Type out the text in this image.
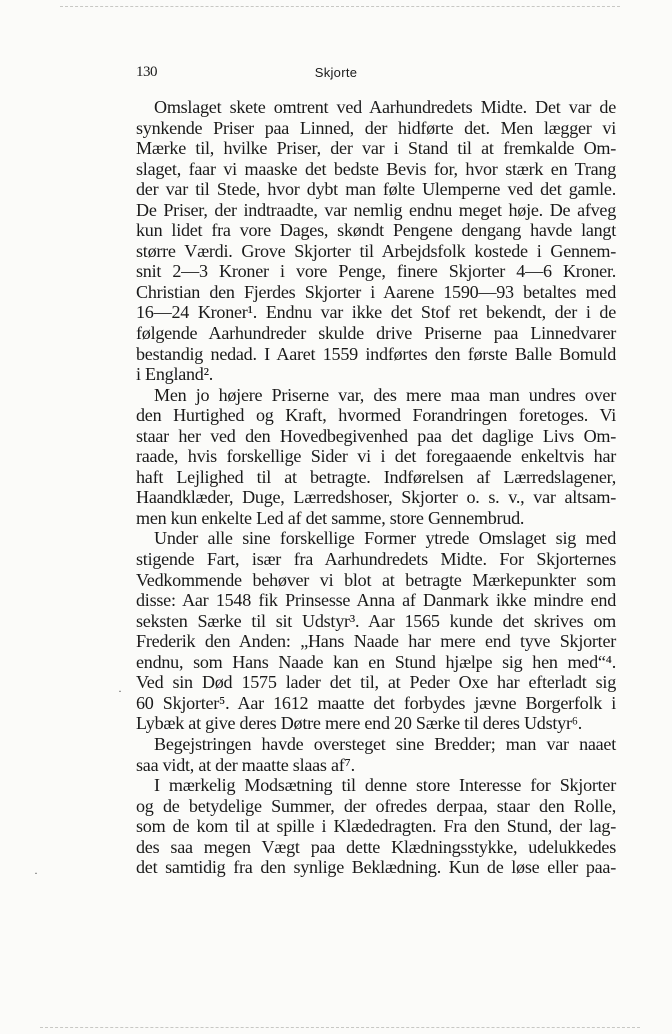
130	Skjorte
Omslaget skete omtrent ved Aarhundredets Midte. Det var de
synkende Priser paa Linned, der hidførte det. Men lægger vi
Mærke til, hvilke Priser, der var i Stand til at fremkalde Om-
slaget, faar vi maaske det bedste Bevis for, hvor stærk en Trang
der var til Stede, hvor dybt man følte Ulemperne ved det gamle.
De Priser, der indtraadte, var nemlig endnu meget høje. De afveg
kun lidet fra vore Dages, skøndt Pengene dengang havde langt
større Værdi. Grove Skjorter til Arbejdsfolk kostede i Gennem-
snit 2—3 Kroner i vore Penge, finere Skjorter 4—6 Kroner.
Christian den Fjerdes Skjorter i Aarene 1590—93 betaltes med
16—24 Kroner¹. Endnu var ikke det Stof ret bekendt, der i de
følgende Aarhundreder skulde drive Priserne paa Linnedvarer
bestandig nedad. I Aaret 1559 indførtes den første Balle Bomuld
i England².
Men jo højere Priserne var, des mere maa man undres over
den Hurtighed og Kraft, hvormed Forandringen foretoges. Vi
staar her ved den Hovedbegivenhed paa det daglige Livs Om-
raade, hvis forskellige Sider vi i det foregaaende enkeltvis har
haft Lejlighed til at betragte. Indførelsen af Lærredslagener,
Haandklæder, Duge, Lærredshoser, Skjorter o. s. v., var altsam-
men kun enkelte Led af det samme, store Gennembrud.
Under alle sine forskellige Former ytrede Omslaget sig med
stigende Fart, især fra Aarhundredets Midte. For Skjorternes
Vedkommende behøver vi blot at betragte Mærkepunkter som
disse: Aar 1548 fik Prinsesse Anna af Danmark ikke mindre end
seksten Særke til sit Udstyr³. Aar 1565 kunde det skrives om
Frederik den Anden: „Hans Naade har mere end tyve Skjorter
endnu, som Hans Naade kan en Stund hjælpe sig hen med“⁴.
Ved sin Død 1575 lader det til, at Peder Oxe har efterladt sig
60 Skjorter⁵. Aar 1612 maatte det forbydes jævne Borgerfolk i
Lybæk at give deres Døtre mere end 20 Særke til deres Udstyr⁶.
Begejstringen havde oversteget sine Bredder; man var naaet
saa vidt, at der maatte slaas af⁷.
I mærkelig Modsætning til denne store Interesse for Skjorter
og de betydelige Summer, der ofredes derpaa, staar den Rolle,
som de kom til at spille i Klædedragten. Fra den Stund, der lag-
des saa megen Vægt paa dette Klædningsstykke, udelukkedes
det samtidig fra den synlige Beklædning. Kun de løse eller paa-
·
·
